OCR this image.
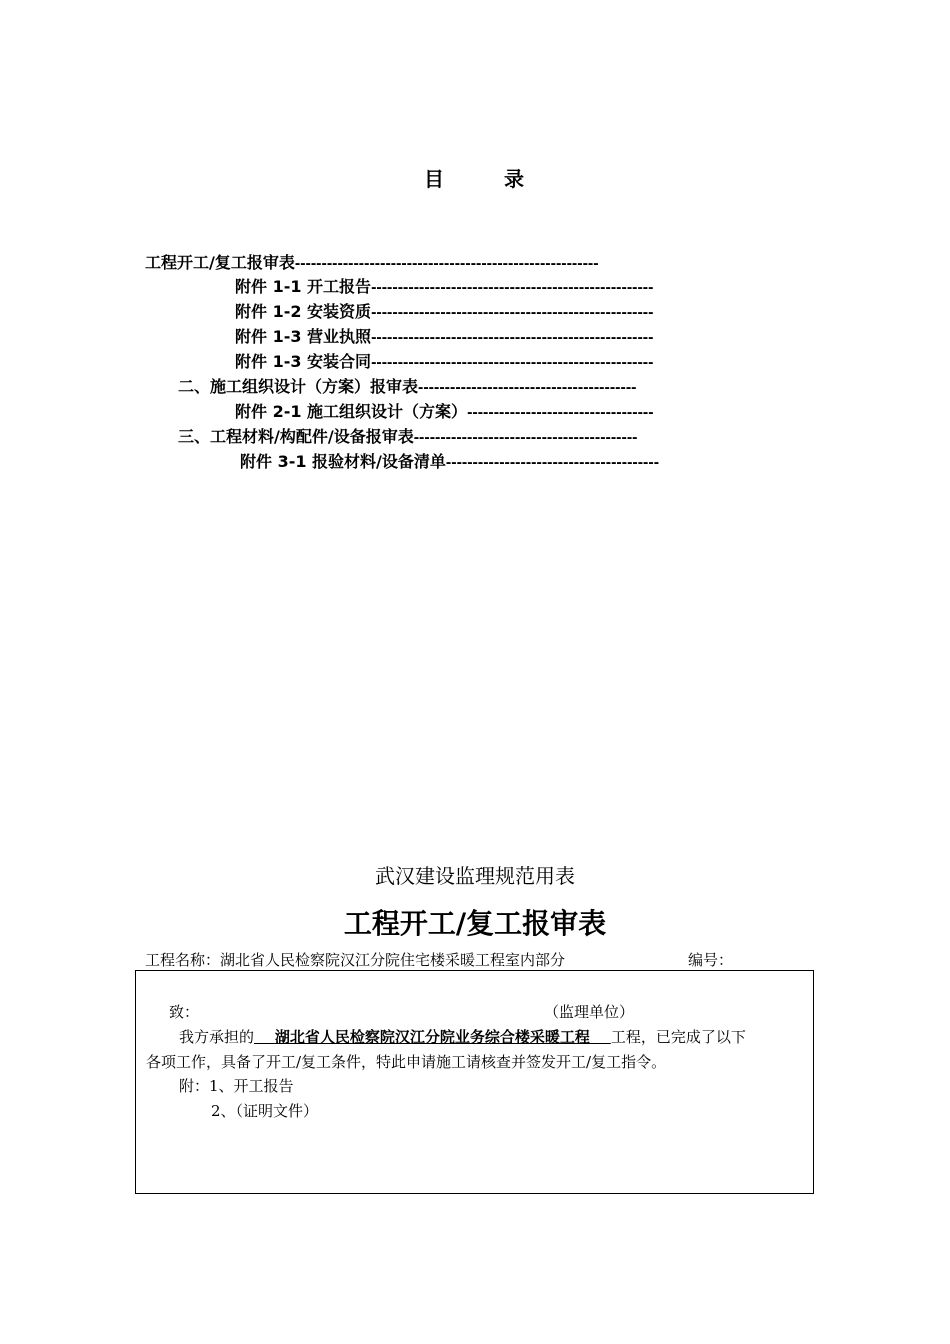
目	录
工程开工/复工报审表---------------------------------------------------------
附件 1-1 开工报告-----------------------------------------------------
附件 1-2 安装资质-----------------------------------------------------
附件 1-3 营业执照-----------------------------------------------------
附件 1-3 安装合同-----------------------------------------------------
二、施工组织设计（方案）报审表-----------------------------------------
附件 2-1 施工组织设计（方案）-----------------------------------
三、工程材料/构配件/设备报审表------------------------------------------
附件 3-1 报验材料/设备清单----------------------------------------
武汉建设监理规范用表
工程开工/复工报审表
工程名称：湖北省人民检察院汉江分院住宅楼采暖工程室内部分	编号：
致：	（监理单位）
我方承担的 湖北省人民检察院汉江分院业务综合楼采暖工程 工程，已完成了以下
各项工作，具备了开工/复工条件，特此申请施工请核查并签发开工/复工指令。
附：1、开工报告
2、（证明文件）
